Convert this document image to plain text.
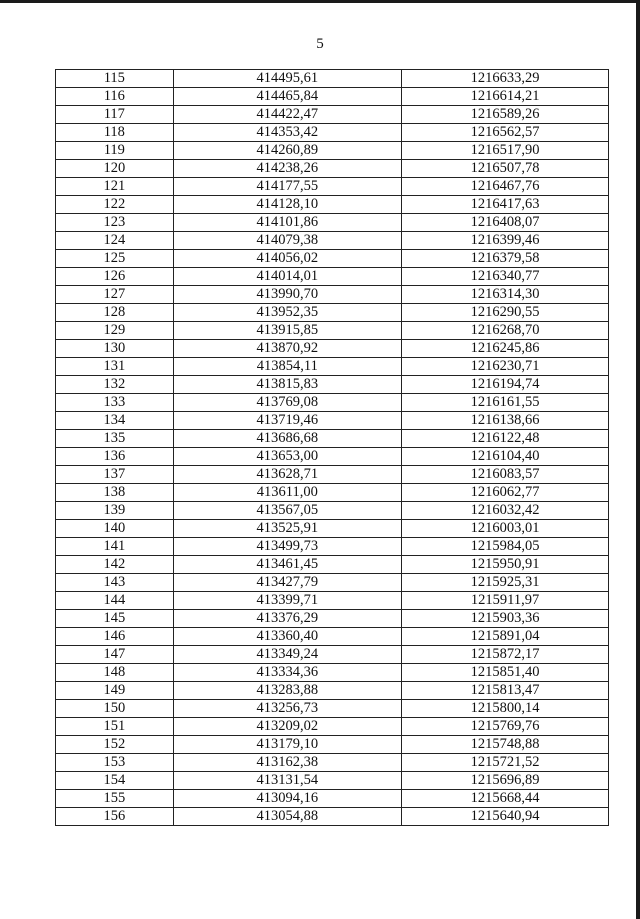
5
115	414495,61	1216633,29
116	414465,84	1216614,21
117	414422,47	1216589,26
118	414353,42	1216562,57
119	414260,89	1216517,90
120	414238,26	1216507,78
121	414177,55	1216467,76
122	414128,10	1216417,63
123	414101,86	1216408,07
124	414079,38	1216399,46
125	414056,02	1216379,58
126	414014,01	1216340,77
127	413990,70	1216314,30
128	413952,35	1216290,55
129	413915,85	1216268,70
130	413870,92	1216245,86
131	413854,11	1216230,71
132	413815,83	1216194,74
133	413769,08	1216161,55
134	413719,46	1216138,66
135	413686,68	1216122,48
136	413653,00	1216104,40
137	413628,71	1216083,57
138	413611,00	1216062,77
139	413567,05	1216032,42
140	413525,91	1216003,01
141	413499,73	1215984,05
142	413461,45	1215950,91
143	413427,79	1215925,31
144	413399,71	1215911,97
145	413376,29	1215903,36
146	413360,40	1215891,04
147	413349,24	1215872,17
148	413334,36	1215851,40
149	413283,88	1215813,47
150	413256,73	1215800,14
151	413209,02	1215769,76
152	413179,10	1215748,88
153	413162,38	1215721,52
154	413131,54	1215696,89
155	413094,16	1215668,44
156	413054,88	1215640,94
